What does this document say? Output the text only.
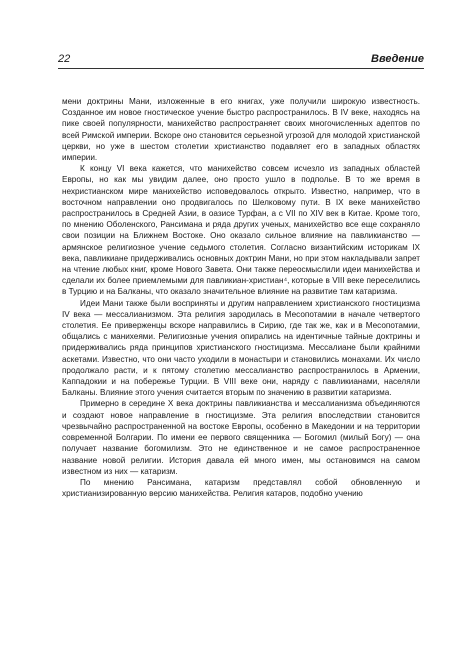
22	Введение

мени доктрины Мани, изложенные в его книгах, уже получили широкую известность. Созданное им новое гностическое учение быстро распространилось. В IV веке, находясь на пике своей популярности, манихейство распространяет своих многочисленных адептов по всей Римской империи. Вскоре оно становится серьезной угрозой для молодой христианской церкви, но уже в шестом столетии христианство подавляет его в западных областях империи.

К концу VI века кажется, что манихейство совсем исчезло из западных областей Европы, но как мы увидим далее, оно просто ушло в подполье. В то же время в нехристианском мире манихейство исповедовалось открыто. Известно, например, что в восточном направлении оно продвигалось по Шелковому пути. В IX веке манихейство распространилось в Средней Азии, в оазисе Турфан, а с VII по XIV век в Китае. Кроме того, по мнению Оболенского, Рансимана и ряда других ученых, манихейство все еще сохраняло свои позиции на Ближнем Востоке. Оно оказало сильное влияние на павликианство — армянское религиозное учение седьмого столетия. Согласно византийским историкам IX века, павликиане придерживались основных доктрин Мани, но при этом накладывали запрет на чтение любых книг, кроме Нового Завета. Они также переосмыслили идеи манихейства и сделали их более приемлемыми для павликиан-христиан⁴, которые в VIII веке переселились в Турцию и на Балканы, что оказало значительное влияние на развитие там катаризма.

Идеи Мани также были восприняты и другим направлением христианского гностицизма IV века — мессалианизмом. Эта религия зародилась в Месопотамии в начале четвертого столетия. Ее приверженцы вскоре направились в Сирию, где так же, как и в Месопотамии, общались с манихеями. Религиозные учения опирались на идентичные тайные доктрины и придерживались ряда принципов христианского гностицизма. Мессалиане были крайними аскетами. Известно, что они часто уходили в монастыри и становились монахами. Их число продолжало расти, и к пятому столетию мессалианство распространилось в Армении, Каппадокии и на побережье Турции. В VIII веке они, наряду с павликианами, населяли Балканы. Влияние этого учения считается вторым по значению в развитии катаризма.

Примерно в середине X века доктрины павликианства и мессалианизма объединяются и создают новое направление в гностицизме. Эта религия впоследствии становится чрезвычайно распространенной на востоке Европы, особенно в Македонии и на территории современной Болгарии. По имени ее первого священника — Богомил (милый Богу) — она получает название богомилизм. Это не единственное и не самое распространенное название новой религии. История давала ей много имен, мы остановимся на самом известном из них — катаризм.

По мнению Рансимана, катаризм представлял собой обновленную и христианизированную версию манихейства. Религия катаров, подобно учению
